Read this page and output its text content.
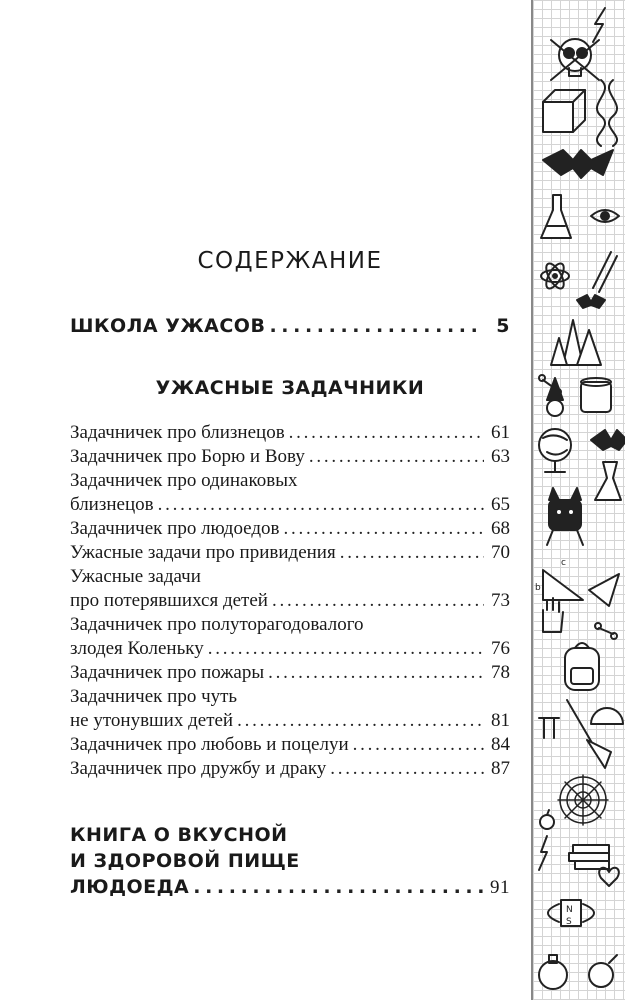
СОДЕРЖАНИЕ
ШКОЛА УЖАСОВ . . .	5
УЖАСНЫЕ ЗАДАЧНИКИ
Задачничек про близнецов . . .	61
Задачничек про Борю и Вову . . .	63
Задачничек про одинаковых
близнецов . . .	65
Задачничек про людоедов . . .	68
Ужасные задачи про привидения . . .	70
Ужасные задачи
про потерявшихся детей . . .	73
Задачничек про полуторагодовалого
злодея Коленьку . . .	76
Задачничек про пожары . . .	78
Задачничек про чуть
не утонувших детей . . .	81
Задачничек про любовь и поцелуи . . .	84
Задачничек про дружбу и драку . . .	87
КНИГА О ВКУСНОЙ
И ЗДОРОВОЙ ПИЩЕ
ЛЮДОЕДА . . .	91
b
c
N
S
